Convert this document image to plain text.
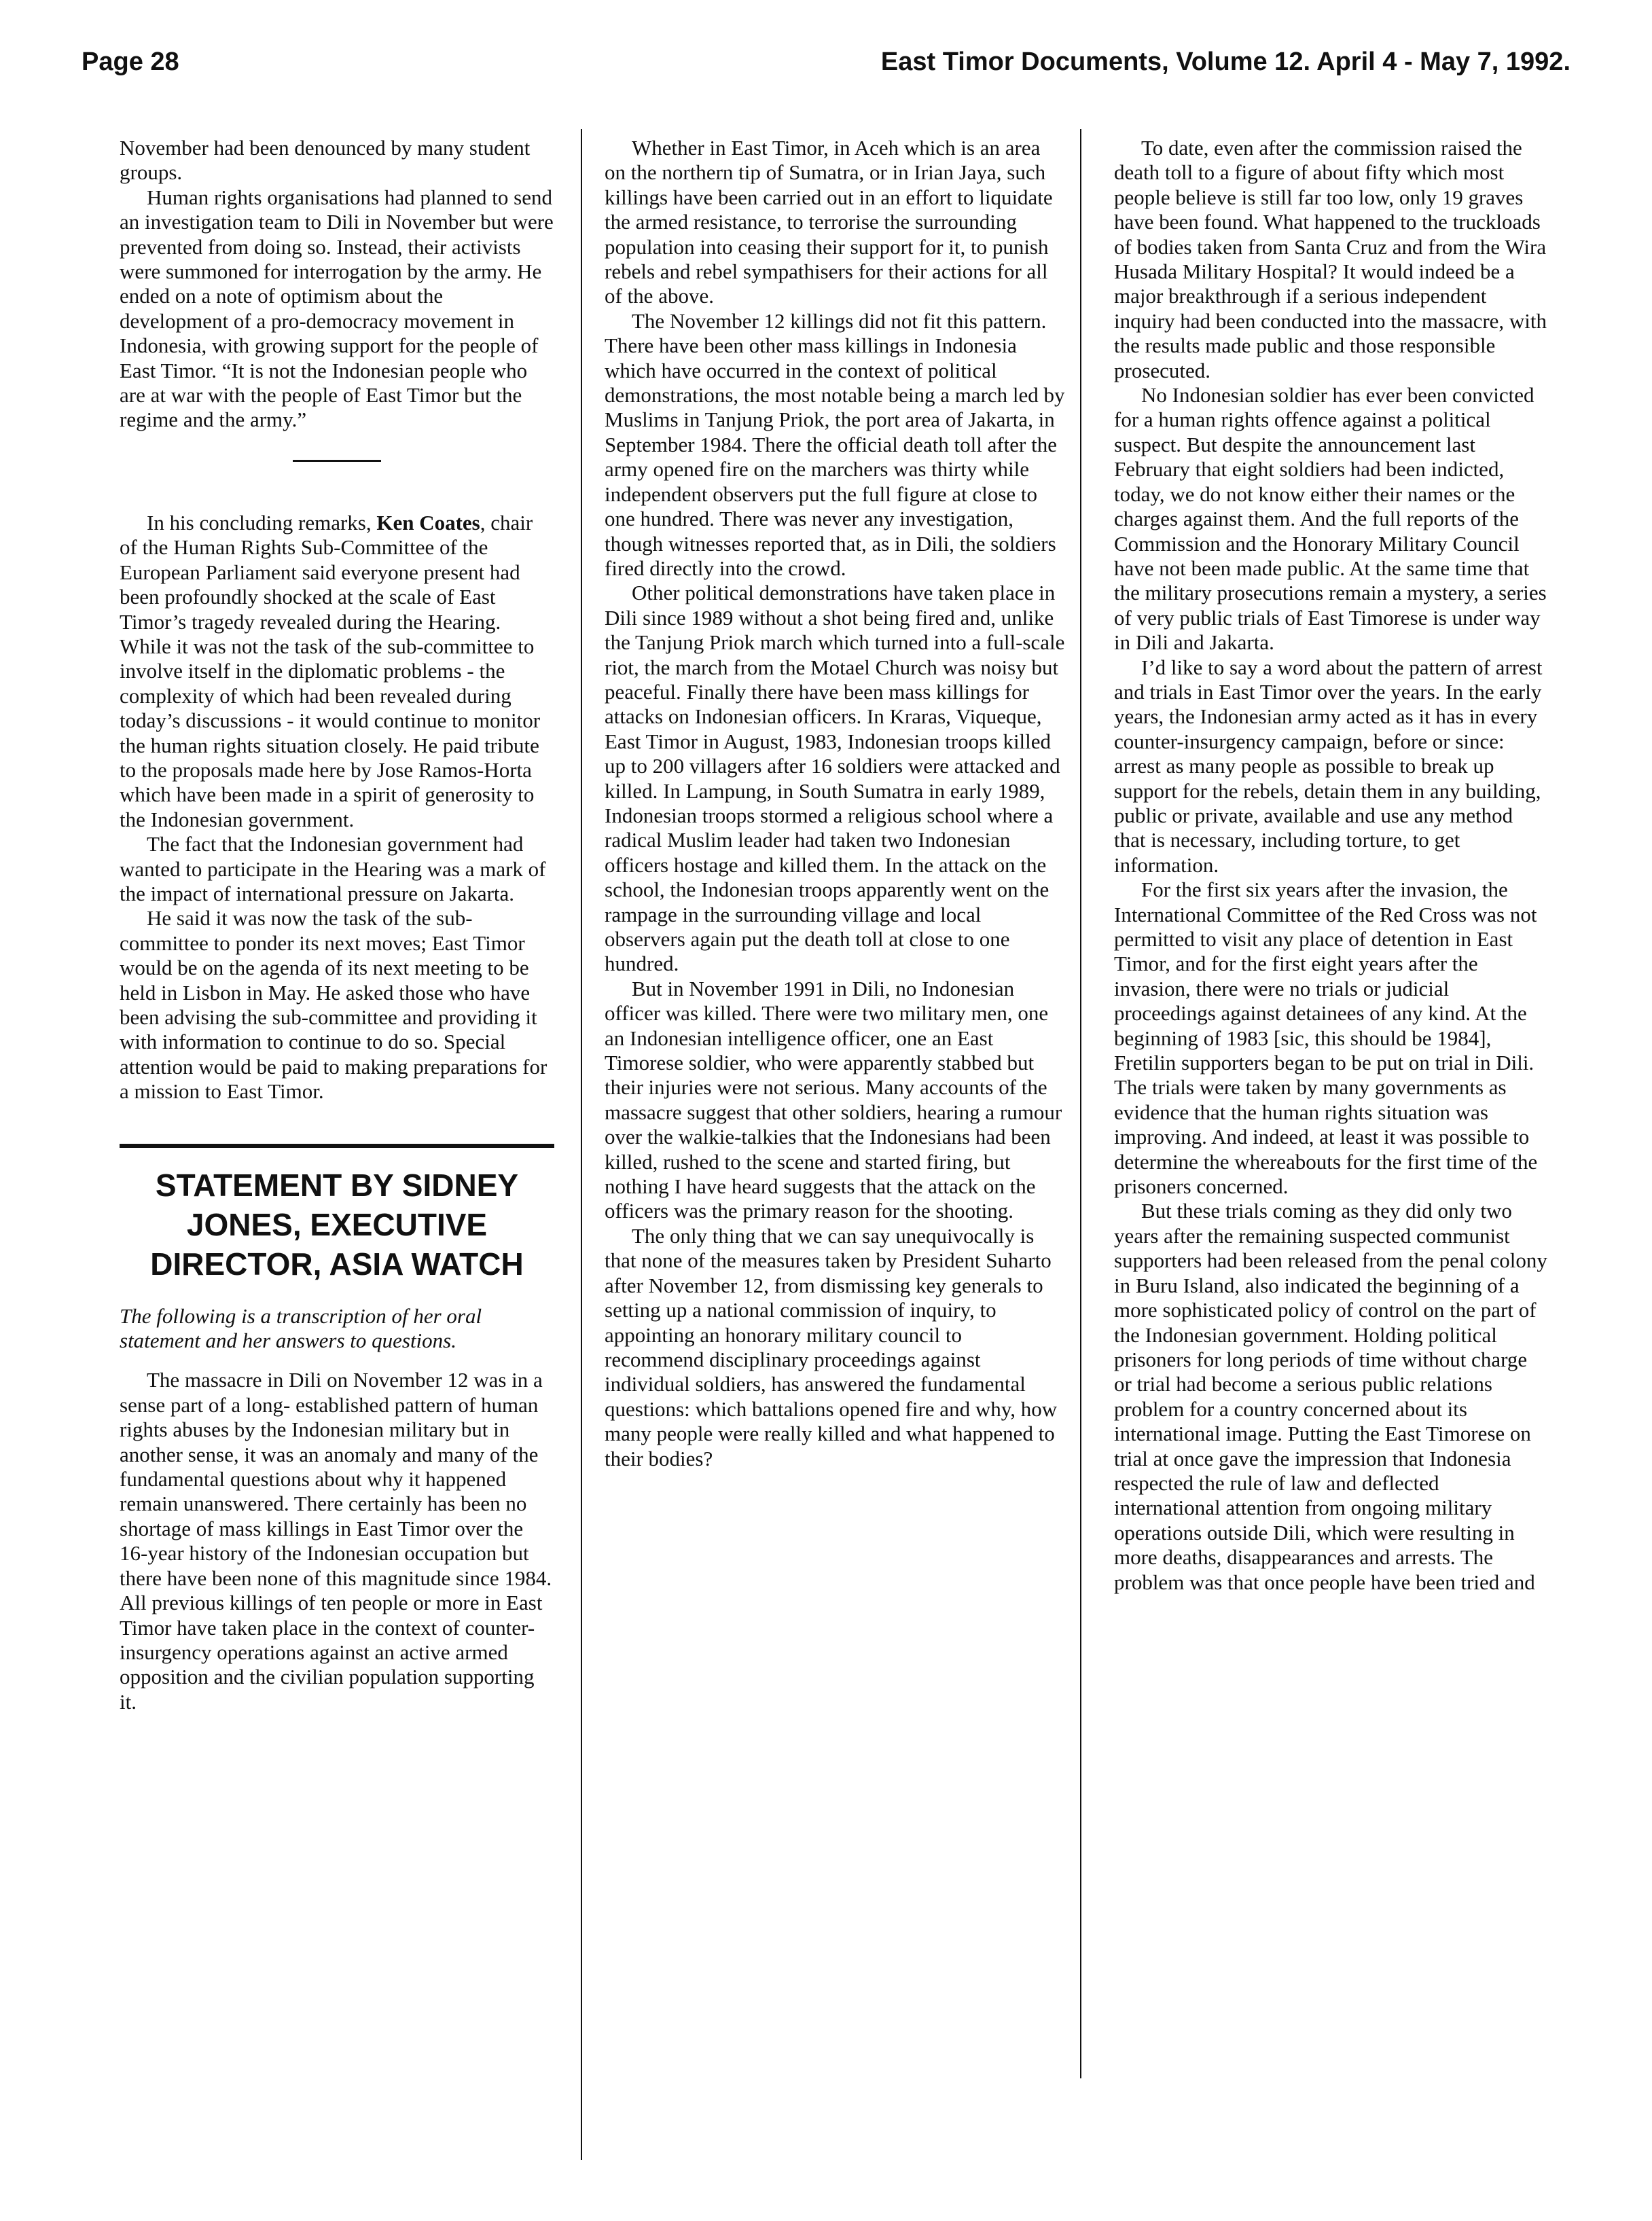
Page 28	East Timor Documents, Volume 12. April 4 - May 7, 1992.

November had been denounced by many student groups.

Human rights organisations had planned to send an investigation team to Dili in November but were prevented from doing so. Instead, their activists were summoned for interrogation by the army. He ended on a note of optimism about the development of a pro-democracy movement in Indonesia, with growing support for the people of East Timor. “It is not the Indonesian people who are at war with the people of East Timor but the regime and the army.”

In his concluding remarks, Ken Coates, chair of the Human Rights Sub-Committee of the European Parliament said everyone present had been profoundly shocked at the scale of East Timor’s tragedy revealed during the Hearing. While it was not the task of the sub-committee to involve itself in the diplomatic problems - the complexity of which had been revealed during today’s discussions - it would continue to monitor the human rights situation closely. He paid tribute to the proposals made here by Jose Ramos-Horta which have been made in a spirit of generosity to the Indonesian government.

The fact that the Indonesian government had wanted to participate in the Hearing was a mark of the impact of international pressure on Jakarta.

He said it was now the task of the sub-committee to ponder its next moves; East Timor would be on the agenda of its next meeting to be held in Lisbon in May. He asked those who have been advising the sub-committee and providing it with information to continue to do so. Special attention would be paid to making preparations for a mission to East Timor.

STATEMENT BY SIDNEY JONES, EXECUTIVE DIRECTOR, ASIA WATCH

The following is a transcription of her oral statement and her answers to questions.

The massacre in Dili on November 12 was in a sense part of a long- established pattern of human rights abuses by the Indonesian military but in another sense, it was an anomaly and many of the fundamental questions about why it happened remain unanswered. There certainly has been no shortage of mass killings in East Timor over the 16-year history of the Indonesian occupation but there have been none of this magnitude since 1984. All previous killings of ten people or more in East Timor have taken place in the context of counter-insurgency operations against an active armed opposition and the civilian population supporting it.

Whether in East Timor, in Aceh which is an area on the northern tip of Sumatra, or in Irian Jaya, such killings have been carried out in an effort to liquidate the armed resistance, to terrorise the surrounding population into ceasing their support for it, to punish rebels and rebel sympathisers for their actions for all of the above.

The November 12 killings did not fit this pattern. There have been other mass killings in Indonesia which have occurred in the context of political demonstrations, the most notable being a march led by Muslims in Tanjung Priok, the port area of Jakarta, in September 1984. There the official death toll after the army opened fire on the marchers was thirty while independent observers put the full figure at close to one hundred. There was never any investigation, though witnesses reported that, as in Dili, the soldiers fired directly into the crowd.

Other political demonstrations have taken place in Dili since 1989 without a shot being fired and, unlike the Tanjung Priok march which turned into a full-scale riot, the march from the Motael Church was noisy but peaceful. Finally there have been mass killings for attacks on Indonesian officers. In Kraras, Viqueque, East Timor in August, 1983, Indonesian troops killed up to 200 villagers after 16 soldiers were attacked and killed. In Lampung, in South Sumatra in early 1989, Indonesian troops stormed a religious school where a radical Muslim leader had taken two Indonesian officers hostage and killed them. In the attack on the school, the Indonesian troops apparently went on the rampage in the surrounding village and local observers again put the death toll at close to one hundred.

But in November 1991 in Dili, no Indonesian officer was killed. There were two military men, one an Indonesian intelligence officer, one an East Timorese soldier, who were apparently stabbed but their injuries were not serious. Many accounts of the massacre suggest that other soldiers, hearing a rumour over the walkie-talkies that the Indonesians had been killed, rushed to the scene and started firing, but nothing I have heard suggests that the attack on the officers was the primary reason for the shooting.

The only thing that we can say unequivocally is that none of the measures taken by President Suharto after November 12, from dismissing key generals to setting up a national commission of inquiry, to appointing an honorary military council to recommend disciplinary proceedings against individual soldiers, has answered the fundamental questions: which battalions opened fire and why, how many people were really killed and what happened to their bodies?

To date, even after the commission raised the death toll to a figure of about fifty which most people believe is still far too low, only 19 graves have been found. What happened to the truckloads of bodies taken from Santa Cruz and from the Wira Husada Military Hospital? It would indeed be a major breakthrough if a serious independent inquiry had been conducted into the massacre, with the results made public and those responsible prosecuted.

No Indonesian soldier has ever been convicted for a human rights offence against a political suspect. But despite the announcement last February that eight soldiers had been indicted, today, we do not know either their names or the charges against them. And the full reports of the Commission and the Honorary Military Council have not been made public. At the same time that the military prosecutions remain a mystery, a series of very public trials of East Timorese is under way in Dili and Jakarta.

I’d like to say a word about the pattern of arrest and trials in East Timor over the years. In the early years, the Indonesian army acted as it has in every counter-insurgency campaign, before or since: arrest as many people as possible to break up support for the rebels, detain them in any building, public or private, available and use any method that is necessary, including torture, to get information.

For the first six years after the invasion, the International Committee of the Red Cross was not permitted to visit any place of detention in East Timor, and for the first eight years after the invasion, there were no trials or judicial proceedings against detainees of any kind. At the beginning of 1983 [sic, this should be 1984], Fretilin supporters began to be put on trial in Dili. The trials were taken by many governments as evidence that the human rights situation was improving. And indeed, at least it was possible to determine the whereabouts for the first time of the prisoners concerned.

But these trials coming as they did only two years after the remaining suspected communist supporters had been released from the penal colony in Buru Island, also indicated the beginning of a more sophisticated policy of control on the part of the Indonesian government. Holding political prisoners for long periods of time without charge or trial had become a serious public relations problem for a country concerned about its international image. Putting the East Timorese on trial at once gave the impression that Indonesia respected the rule of law and deflected international attention from ongoing military operations outside Dili, which were resulting in more deaths, disappearances and arrests. The problem was that once people have been tried and
